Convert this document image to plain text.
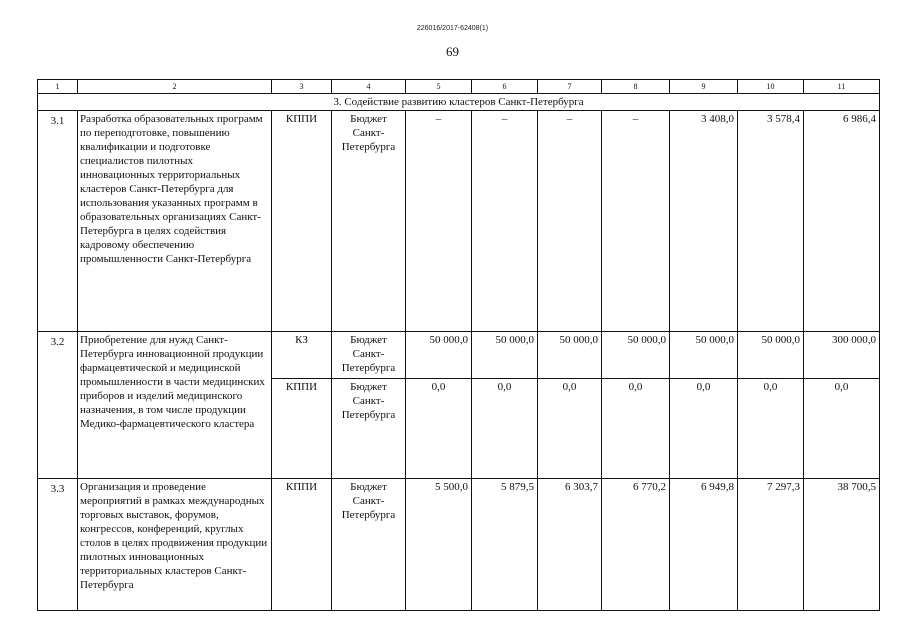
226016/2017-62408(1)
69
1	2	3	4	5	6	7	8	9	10	11
3. Содействие развитию кластеров Санкт-Петербурга										
3.1	Разработка образовательных программ по переподготовке, повышению квалификации и подготовке специалистов пилотных инновационных территориальных кластеров Санкт-Петербурга для использования указанных программ в образовательных организациях Санкт-Петербурга в целях содействия кадровому обеспечению промышленности Санкт-Петербурга	КППИ	Бюджет Санкт-Петербурга	–	–	–	–	3 408,0	3 578,4	6 986,4
3.2	Приобретение для нужд Санкт-Петербурга инновационной продукции фармацевтической и медицинской промышленности в части медицинских приборов и изделий медицинского назначения, в том числе продукции Медико-фармацевтического кластера	КЗ	Бюджет Санкт-Петербурга	50 000,0	50 000,0	50 000,0	50 000,0	50 000,0	50 000,0	300 000,0
		КППИ	Бюджет Санкт-Петербурга	0,0	0,0	0,0	0,0	0,0	0,0	0,0
3.3	Организация и проведение мероприятий в рамках международных торговых выставок, форумов, конгрессов, конференций, круглых столов в целях продвижения продукции пилотных инновационных территориальных кластеров Санкт-Петербурга	КППИ	Бюджет Санкт-Петербурга	5 500,0	5 879,5	6 303,7	6 770,2	6 949,8	7 297,3	38 700,5
